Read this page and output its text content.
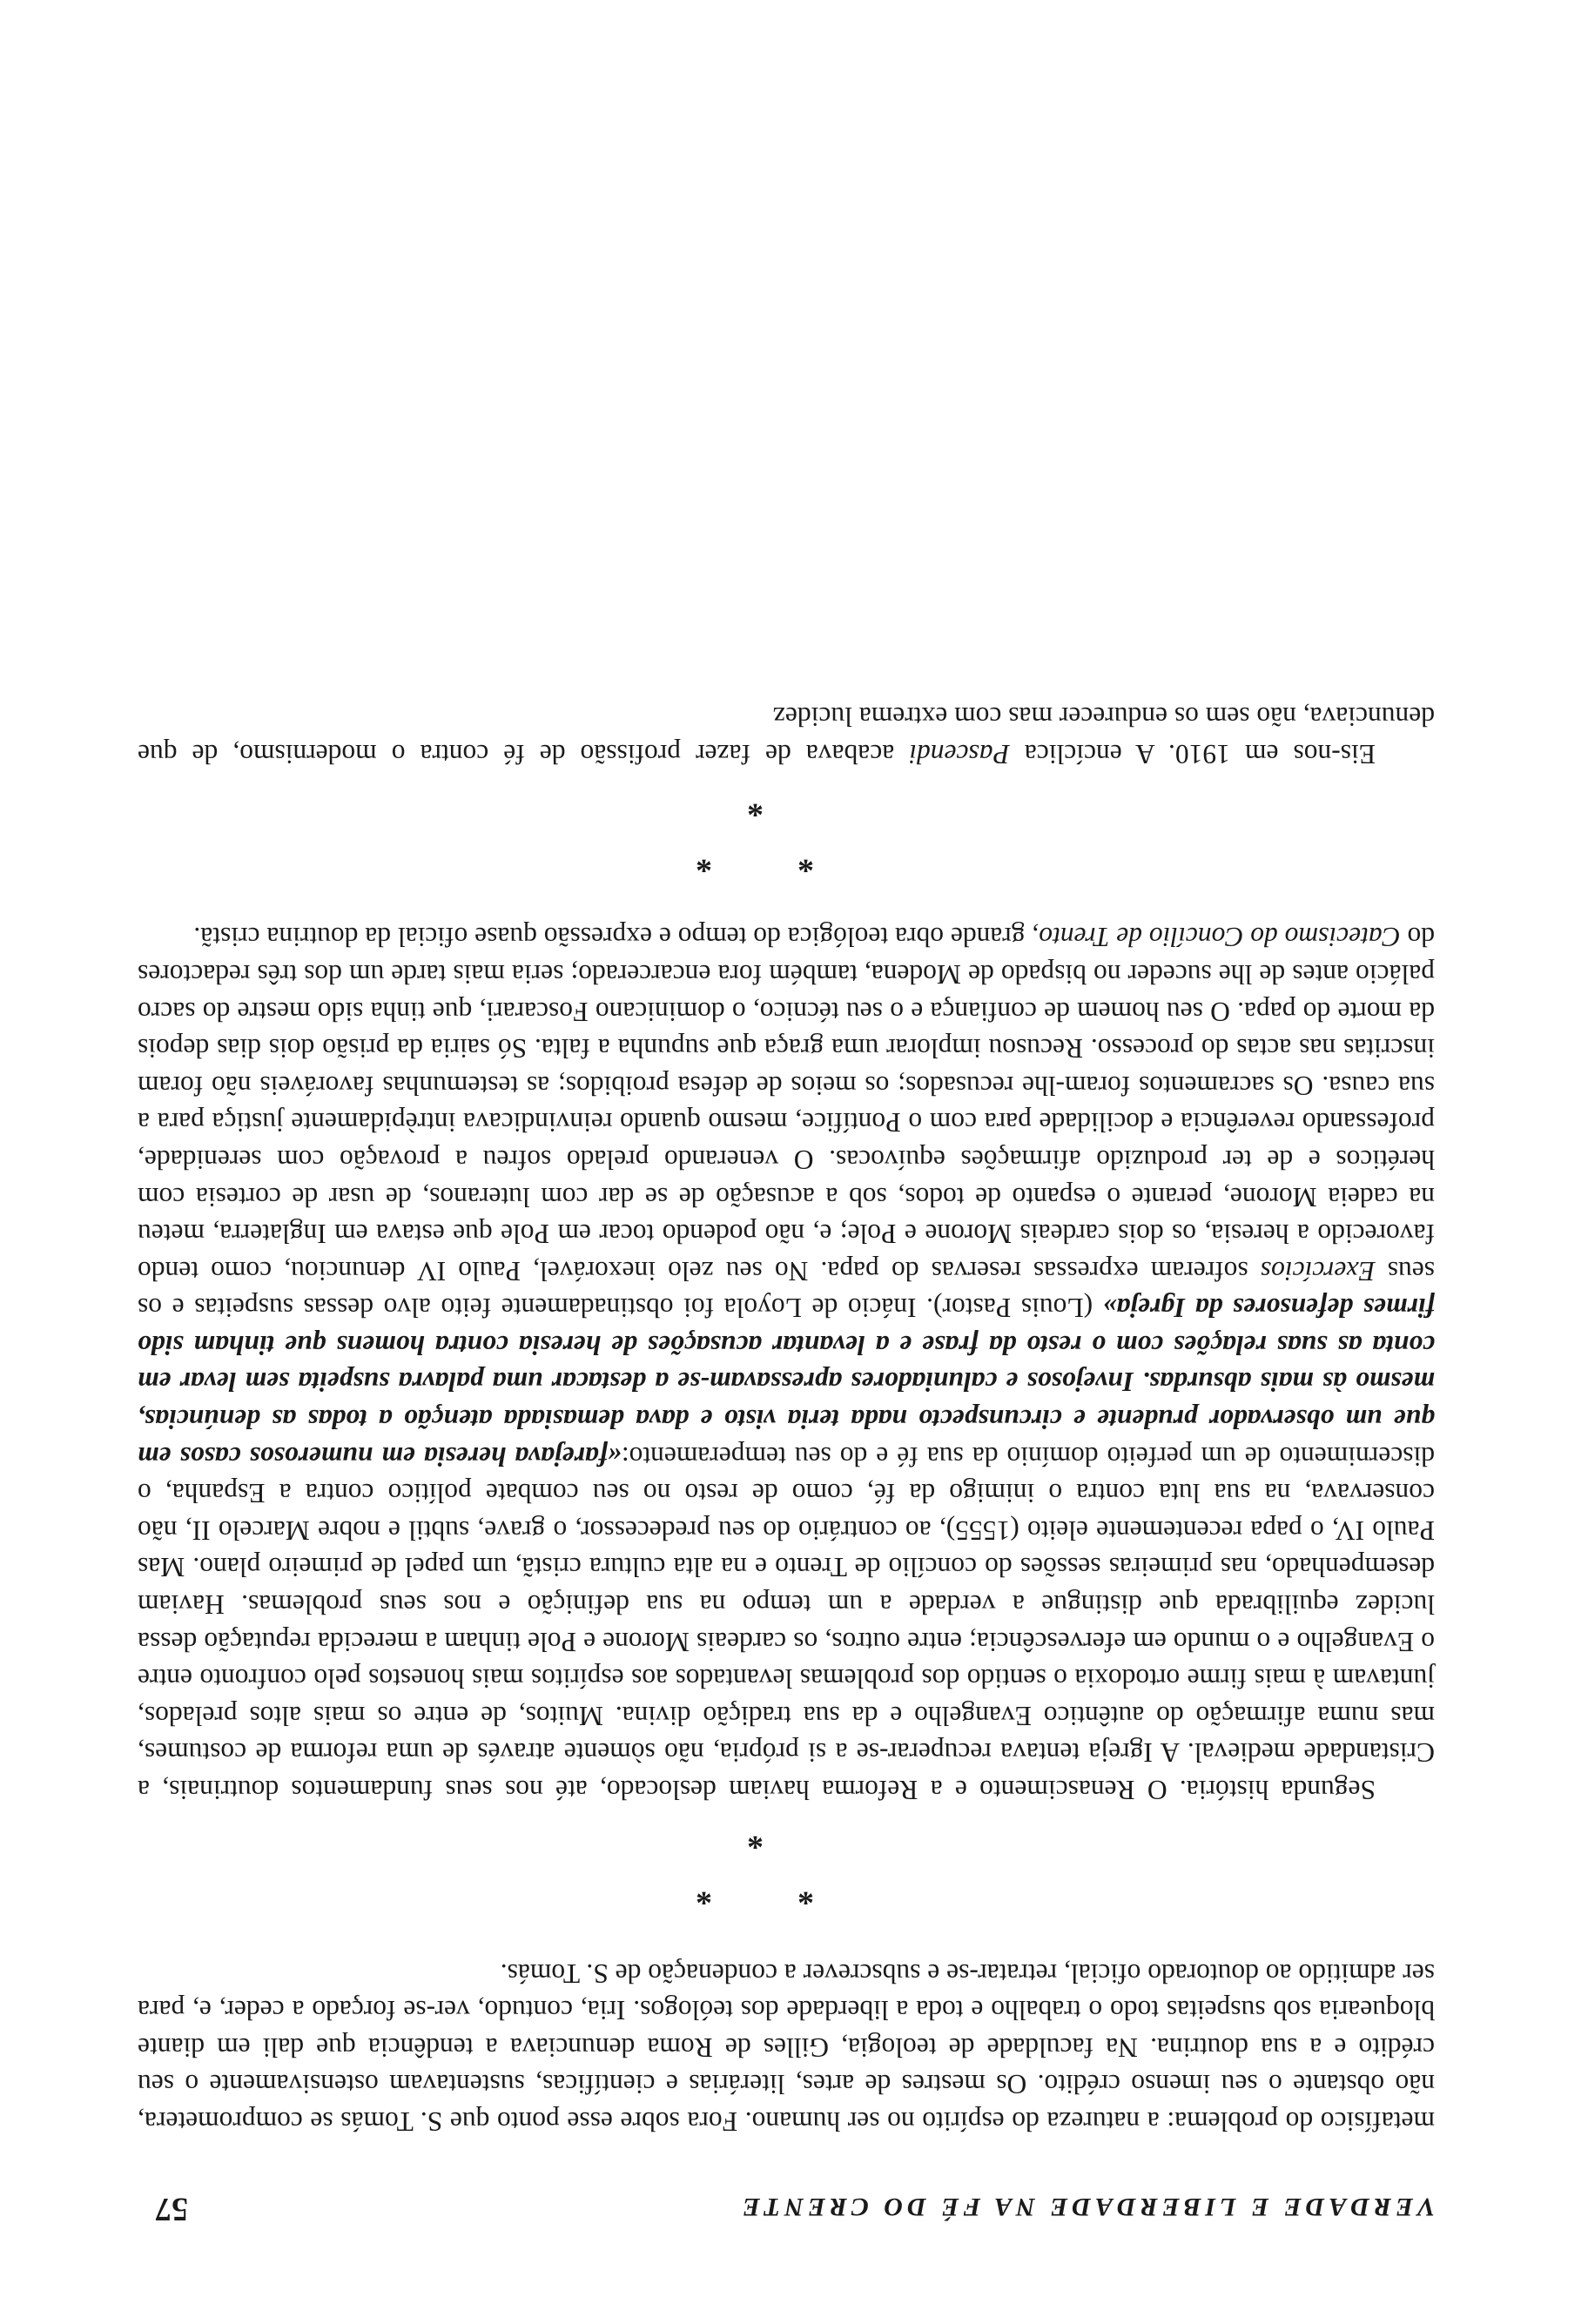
VERDADE E LIBERDADE NA FÉ DO CRENTE
57

metafísico do problema: a natureza do espírito no ser humano. Fora sobre esse ponto que S. Tomás se comprometera, não obstante o seu imenso crédito. Os mestres de artes, literárias e científicas, sustentavam ostensivamente o seu crédito e a sua doutrina. Na faculdade de teologia, Gilles de Roma denunciava a tendência que dali em diante bloquearia sob suspeitas todo o trabalho e toda a liberdade dos teólogos. Iria, contudo, ver-se forçado a ceder, e, para ser admitido ao doutorado oficial, retratar-se e subscrever a condenação de S. Tomás.

*
*
*

Segunda história. O Renascimento e a Reforma haviam deslocado, até nos seus fundamentos doutrinais, a Cristandade medieval. A Igreja tentava recuperar-se a si própria, não sòmente através de uma reforma de costumes, mas numa afirmação do autêntico Evangelho e da sua tradição divina. Muitos, de entre os mais altos prelados, juntavam à mais firme ortodoxia o sentido dos problemas levantados aos espíritos mais honestos pelo confronto entre o Evangelho e o mundo em efervescência; entre outros, os cardeais Morone e Pole tinham a merecida reputação dessa lucidez equilibrada que distingue a verdade a um tempo na sua definição e nos seus problemas. Haviam desempenhado, nas primeiras sessões do concílio de Trento e na alta cultura cristã, um papel de primeiro plano. Mas Paulo IV, o papa recentemente eleito (1555), ao contrário do seu predecessor, o grave, subtil e nobre Marcelo II, não conservava, na sua luta contra o inimigo da fé, como de resto no seu combate político contra a Espanha, o discernimento de um perfeito domínio da sua fé e do seu temperamento:«farejava heresia em numerosos casos em que um observador prudente e circunspecto nada teria visto e dava demasiada atenção a todas as denúncias, mesmo às mais absurdas. Invejosos e caluniadores apressavam-se a destacar uma palavra suspeita sem levar em conta as suas relações com o resto da frase e a levantar acusações de heresia contra homens que tinham sido firmes defensores da Igreja» (Louis Pastor). Inácio de Loyola foi obstinadamente feito alvo dessas suspeitas e os seus Exercícios sofreram expressas reservas do papa. No seu zelo inexorável, Paulo IV denunciou, como tendo favorecido a heresia, os dois cardeais Morone e Pole; e, não podendo tocar em Pole que estava em Inglaterra, meteu na cadeia Morone, perante o espanto de todos, sob a acusação de se dar com luteranos, de usar de cortesia com heréticos e de ter produzido afirmações equívocas. O venerando prelado sofreu a provação com serenidade, professando reverência e docilidade para com o Pontífice, mesmo quando reinvindicava intrèpidamente justiça para a sua causa. Os sacramentos foram-lhe recusados; os meios de defesa proibidos; as testemunhas favoráveis não foram inscritas nas actas do processo. Recusou implorar uma graça que supunha a falta. Só sairia da prisão dois dias depois da morte do papa. O seu homem de confiança e o seu técnico, o dominicano Foscarari, que tinha sido mestre do sacro palácio antes de lhe suceder no bispado de Modena, também fora encarcerado; seria mais tarde um dos três redactores do Catecismo do Concílio de Trento, grande obra teológica do tempo e expressão quase oficial da doutrina cristã.

*
*
*

Eis-nos em 1910. A encíclica Pascendi acabava de fazer profissão de fé contra o modernismo, de que denunciava, não sem os endurecer mas com extrema lucidez
